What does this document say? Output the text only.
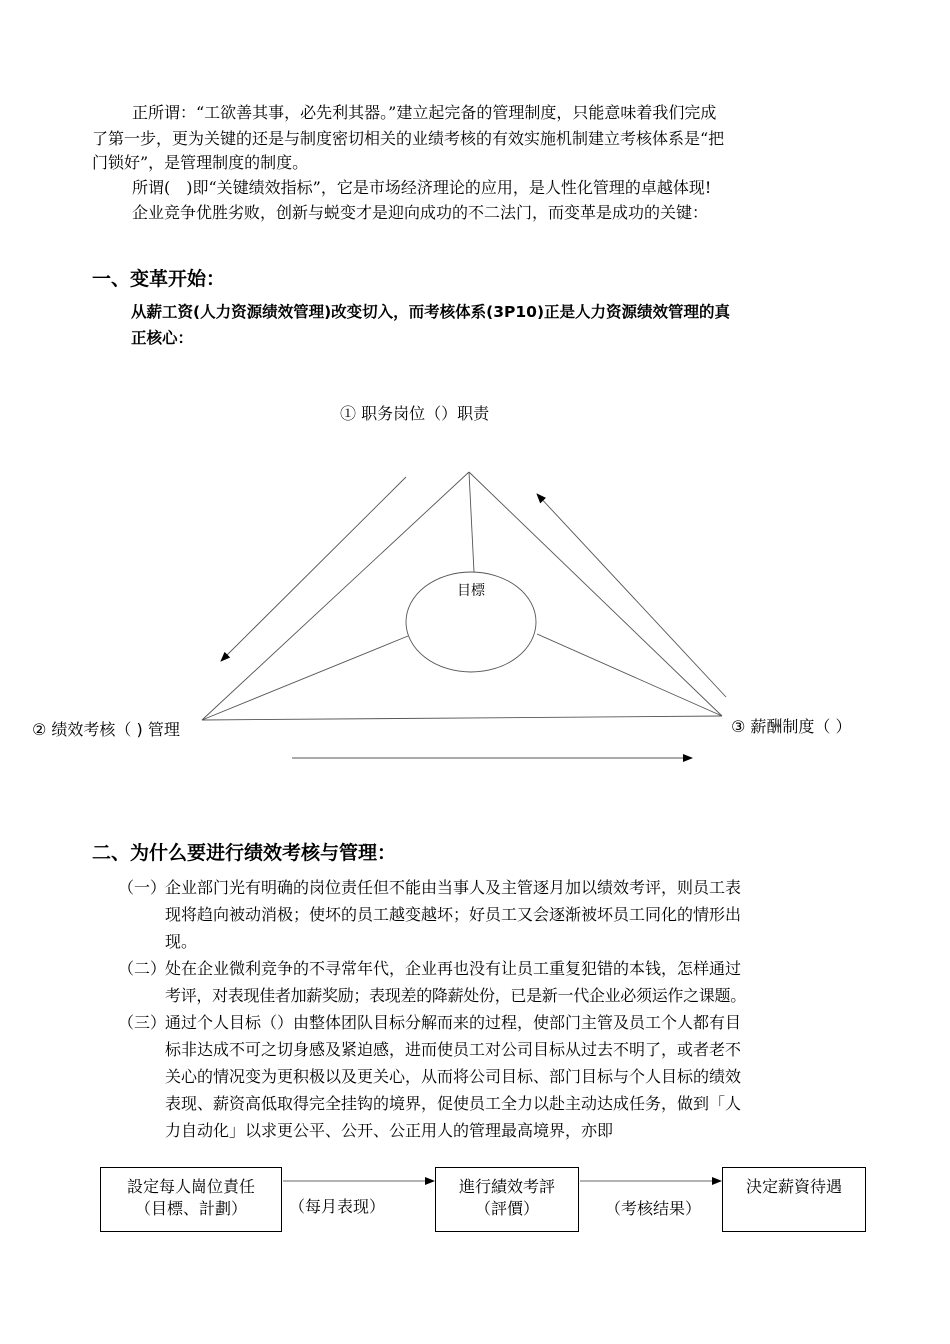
正所谓：“工欲善其事，必先利其器。”建立起完备的管理制度，只能意味着我们完成
了第一步，更为关键的还是与制度密切相关的业绩考核的有效实施机制建立考核体系是“把
门锁好”，是管理制度的制度。
所谓(　)即“关键绩效指标”，它是市场经济理论的应用，是人性化管理的卓越体现!
企业竞争优胜劣败，创新与蜕变才是迎向成功的不二法门，而变革是成功的关键：
一、变革开始：
从薪工资(人力资源绩效管理)改变切入，而考核体系(3P10)正是人力资源绩效管理的真
正核心：
① 职务岗位（）职责
目標
② 绩效考核（ ) 管理	③ 薪酬制度（ ）
二、为什么要进行绩效考核与管理：
（一）
企业部门光有明确的岗位责任但不能由当事人及主管逐月加以绩效考评，则员工表
现将趋向被动消极；使坏的员工越变越坏；好员工又会逐渐被坏员工同化的情形出
现。
（二）
处在企业微利竞争的不寻常年代，企业再也没有让员工重复犯错的本钱，怎样通过
考评，对表现佳者加薪奖励；表现差的降薪处份，已是新一代企业必须运作之课题。
（三）
通过个人目标（）由整体团队目标分解而来的过程，使部门主管及员工个人都有目
标非达成不可之切身感及紧迫感，进而使员工对公司目标从过去不明了，或者老不
关心的情况变为更积极以及更关心，从而将公司目标、部门目标与个人目标的绩效
表现、薪资高低取得完全挂钩的境界，促使员工全力以赴主动达成任务，做到「人
力自动化」以求更公平、公开、公正用人的管理最高境界，亦即
設定每人崗位責任
（目標、計劃）	（每月表现）
進行績效考評
（評價）	（考核结果）
決定薪資待遇
